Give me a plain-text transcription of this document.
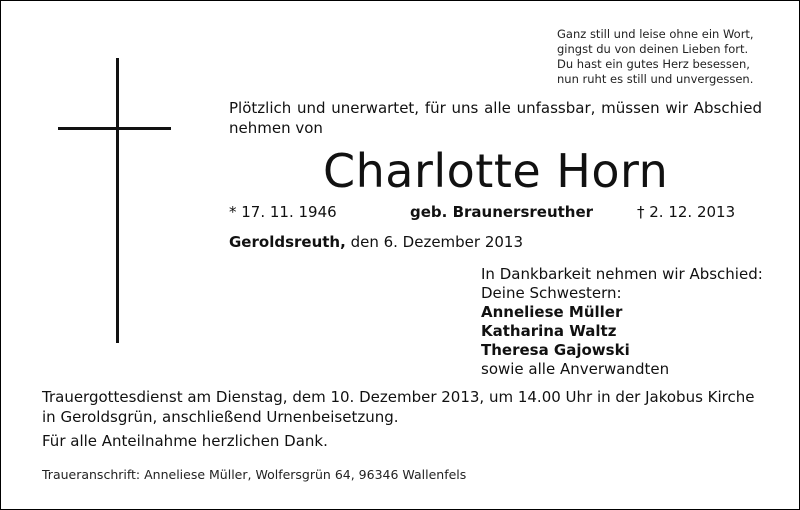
Ganz still und leise ohne ein Wort,
gingst du von deinen Lieben fort.
Du hast ein gutes Herz besessen,
nun ruht es still und unvergessen.
Plötzlich und unerwartet, für uns alle unfassbar, müssen wir Abschied nehmen von
Charlotte Horn
* 17. 11. 1946	geb. Braunersreuther	† 2. 12. 2013
Geroldsreuth, den 6. Dezember 2013
In Dankbarkeit nehmen wir Abschied:
Deine Schwestern:
Anneliese Müller
Katharina Waltz
Theresa Gajowski
sowie alle Anverwandten
Trauergottesdienst am Dienstag, dem 10. Dezember 2013, um 14.00 Uhr in der Jakobus Kirche in Geroldsgrün, anschließend Urnenbeisetzung.
Für alle Anteilnahme herzlichen Dank.
Traueranschrift: Anneliese Müller, Wolfersgrün 64, 96346 Wallenfels
